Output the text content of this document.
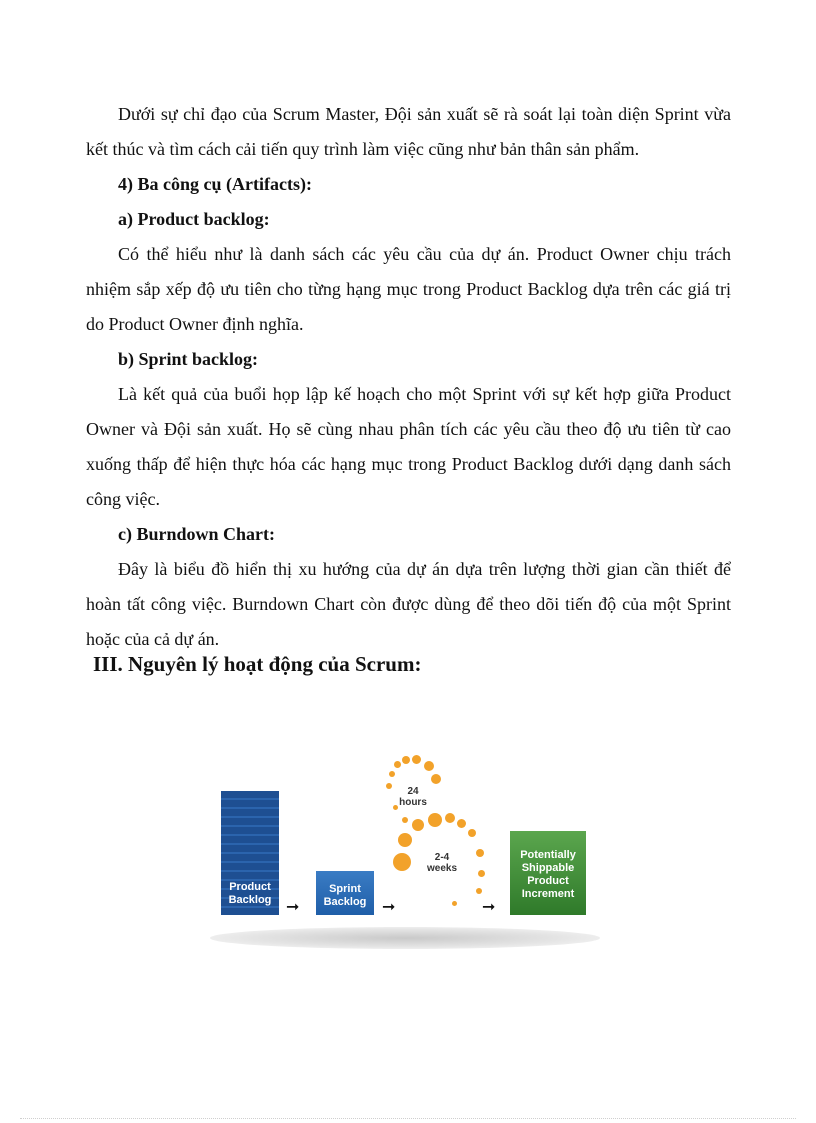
Dưới sự chỉ đạo của Scrum Master, Đội sản xuất sẽ rà soát lại toàn diện Sprint vừa kết thúc và tìm cách cải tiến quy trình làm việc cũng như bản thân sản phẩm.

4) Ba công cụ (Artifacts):

a) Product backlog:

Có thể hiểu như là danh sách các yêu cầu của dự án. Product Owner chịu trách nhiệm sắp xếp độ ưu tiên cho từng hạng mục trong Product Backlog dựa trên các giá trị do Product Owner định nghĩa.

b) Sprint backlog:

Là kết quả của buổi họp lập kế hoạch cho một Sprint với sự kết hợp giữa Product Owner và Đội sản xuất. Họ sẽ cùng nhau phân tích các yêu cầu theo độ ưu tiên từ cao xuống thấp để hiện thực hóa các hạng mục trong Product Backlog dưới dạng danh sách công việc.

c) Burndown Chart:

Đây là biểu đồ hiển thị xu hướng của dự án dựa trên lượng thời gian cần thiết để hoàn tất công việc. Burndown Chart còn được dùng để theo dõi tiến độ của một Sprint hoặc của cả dự án.

III. Nguyên lý hoạt động của Scrum:
Product
Backlog ➞
Sprint
Backlog ➞
24
hours
2-4
weeks
➞
Potentially
Shippable
Product
Increment
